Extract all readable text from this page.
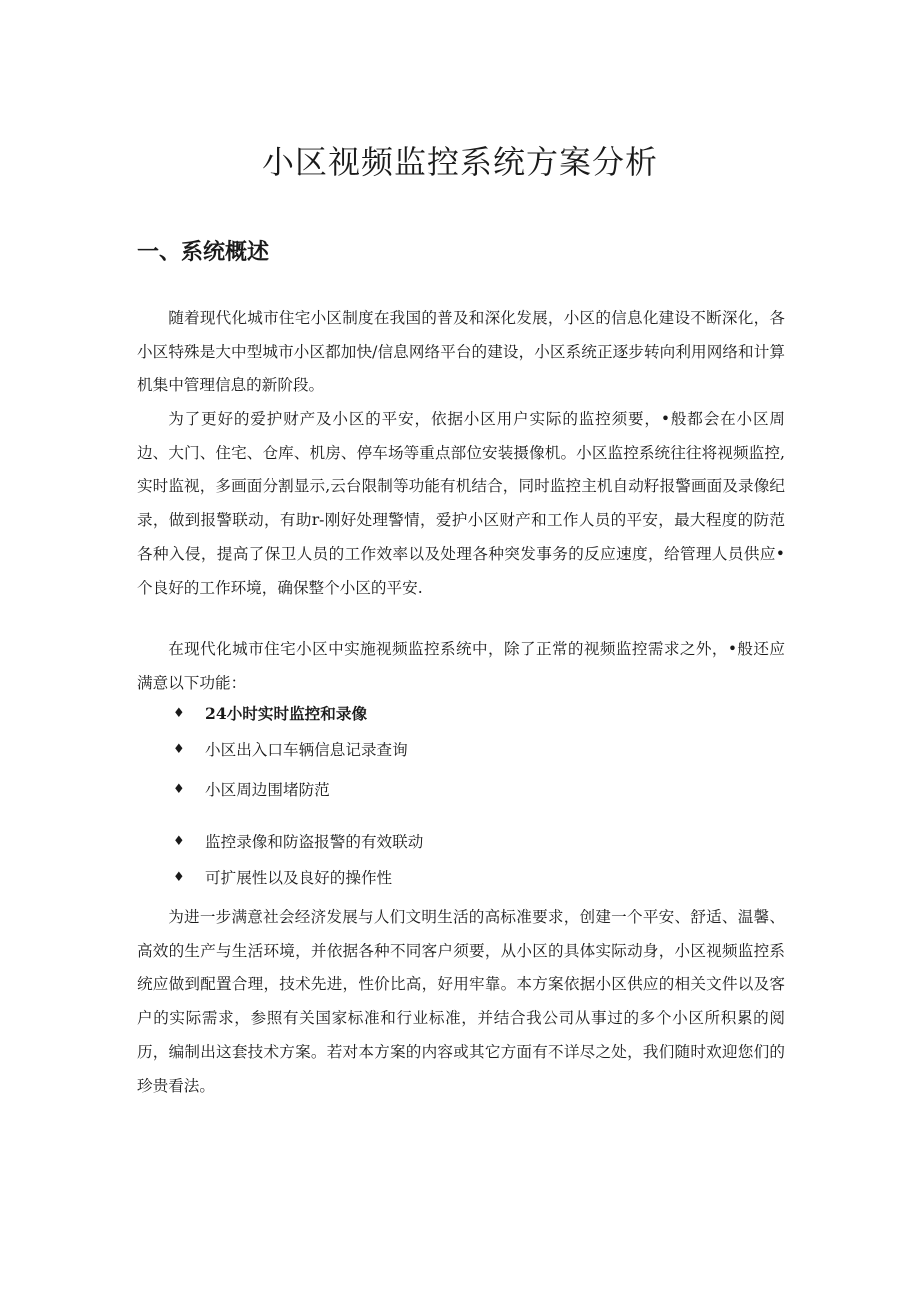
小区视频监控系统方案分析
一、系统概述

随着现代化城市住宅小区制度在我国的普及和深化发展，小区的信息化建设不断深化，各小区特殊是大中型城市小区都加快/信息网络平台的建设，小区系统正逐步转向利用网络和计算机集中管理信息的新阶段。

为了更好的爱护财产及小区的平安，依据小区用户实际的监控须要，•般都会在小区周边、大门、住宅、仓库、机房、停车场等重点部位安装摄像机。小区监控系统往往将视频监控,实时监视，多画面分割显示,云台限制等功能有机结合，同时监控主机自动籽报警画面及录像纪录，做到报警联动，有助r-刚好处理警情，爱护小区财产和工作人员的平安，最大程度的防范各种入侵，提高了保卫人员的工作效率以及处理各种突发事务的反应速度，给管理人员供应•个良好的工作环境，确保整个小区的平安.

在现代化城市住宅小区中实施视频监控系统中，除了正常的视频监控需求之外，•般还应满意以下功能：

♦ 24小时实时监控和录像
♦ 小区出入口车辆信息记录查询
♦ 小区周边围堵防范
♦ 监控录像和防盗报警的有效联动
♦ 可扩展性以及良好的操作性

为进一步满意社会经济发展与人们文明生活的高标准要求，创建一个平安、舒适、温馨、高效的生产与生活环境，并依据各种不同客户须要，从小区的具体实际动身，小区视频监控系统应做到配置合理，技术先进，性价比高，好用牢靠。本方案依据小区供应的相关文件以及客户的实际需求，参照有关国家标准和行业标准，并结合我公司从事过的多个小区所积累的阅历，编制出这套技术方案。若对本方案的内容或其它方面有不详尽之处，我们随时欢迎您们的珍贵看法。
